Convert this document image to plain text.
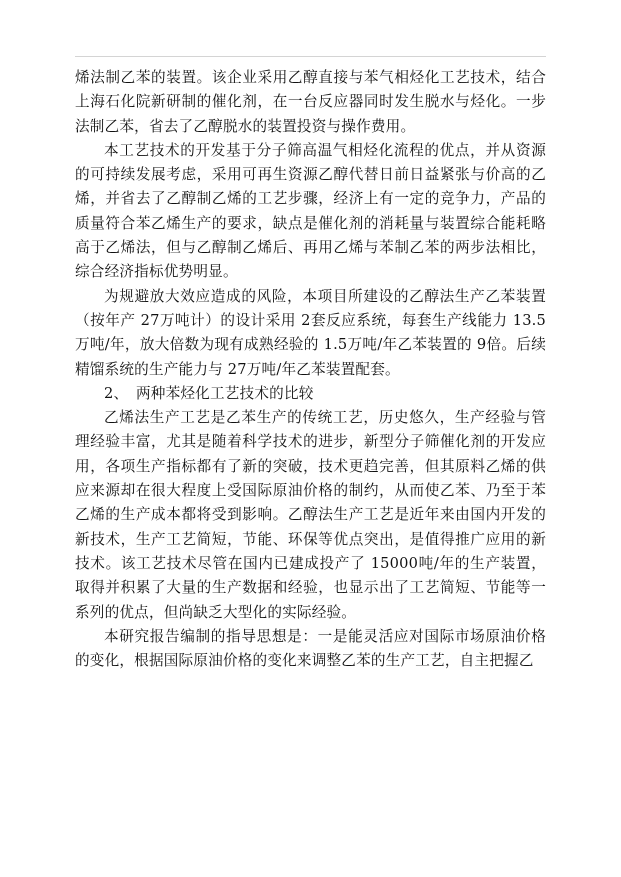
烯法制乙苯的装置。该企业采用乙醇直接与苯气相烃化工艺技术，结合上海石化院新研制的催化剂，在一台反应器同时发生脱水与烃化。一步法制乙苯，省去了乙醇脱水的装置投资与操作费用。

本工艺技术的开发基于分子筛高温气相烃化流程的优点，并从资源的可持续发展考虑，采用可再生资源乙醇代替日前日益紧张与价高的乙烯，并省去了乙醇制乙烯的工艺步骤，经济上有一定的竞争力，产品的质量符合苯乙烯生产的要求，缺点是催化剂的消耗量与装置综合能耗略高于乙烯法，但与乙醇制乙烯后、再用乙烯与苯制乙苯的两步法相比，综合经济指标优势明显。

为规避放大效应造成的风险，本项目所建设的乙醇法生产乙苯装置（按年产 27万吨计）的设计采用 2套反应系统，每套生产线能力 13.5万吨/年，放大倍数为现有成熟经验的 1.5万吨/年乙苯装置的 9倍。后续精馏系统的生产能力与 27万吨/年乙苯装置配套。

2、 两种苯烃化工艺技术的比较

乙烯法生产工艺是乙苯生产的传统工艺，历史悠久，生产经验与管理经验丰富，尤其是随着科学技术的进步，新型分子筛催化剂的开发应用，各项生产指标都有了新的突破，技术更趋完善，但其原料乙烯的供应来源却在很大程度上受国际原油价格的制约，从而使乙苯、乃至于苯乙烯的生产成本都将受到影响。乙醇法生产工艺是近年来由国内开发的新技术，生产工艺简短，节能、环保等优点突出，是值得推广应用的新技术。该工艺技术尽管在国内已建成投产了 15000吨/年的生产装置，取得并积累了大量的生产数据和经验，也显示出了工艺简短、节能等一系列的优点，但尚缺乏大型化的实际经验。

本研究报告编制的指导思想是：一是能灵活应对国际市场原油价格的变化，根据国际原油价格的变化来调整乙苯的生产工艺，自主把握乙
